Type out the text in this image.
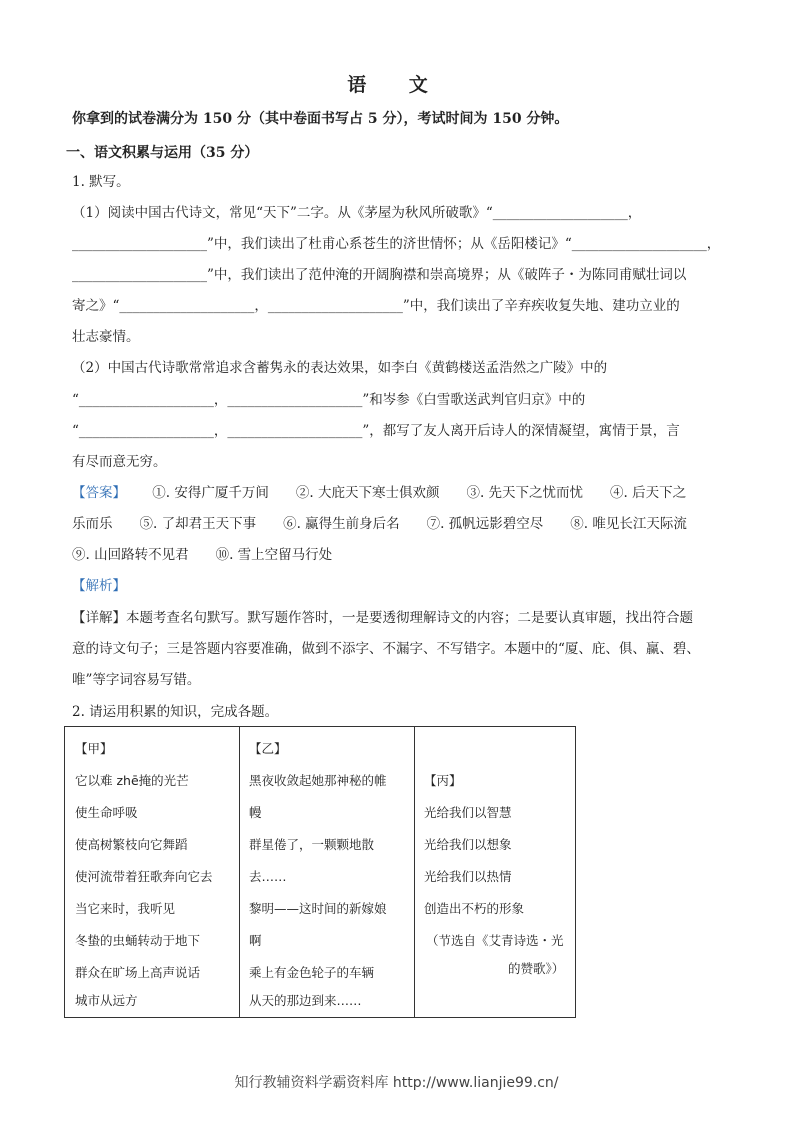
语 文
你拿到的试卷满分为 150 分（其中卷面书写占 5 分），考试时间为 150 分钟。
一、语文积累与运用（35 分）
1. 默写。
（1）阅读中国古代诗文，常见“天下”二字。从《茅屋为秋风所破歌》“____________________，
____________________”中，我们读出了杜甫心系苍生的济世情怀；从《岳阳楼记》“____________________，
____________________”中，我们读出了范仲淹的开阔胸襟和崇高境界；从《破阵子・为陈同甫赋壮词以
寄之》“____________________，____________________”中，我们读出了辛弃疾收复失地、建功立业的
壮志豪情。
（2）中国古代诗歌常常追求含蓄隽永的表达效果，如李白《黄鹤楼送孟浩然之广陵》中的
“____________________，____________________”和岑参《白雪歌送武判官归京》中的
“____________________，____________________”，都写了友人离开后诗人的深情凝望，寓情于景，言
有尽而意无穷。
【答案】 ①. 安得广厦千万间　　②. 大庇天下寒士俱欢颜　　③. 先天下之忧而忧　　④. 后天下之
乐而乐　　⑤. 了却君王天下事　　⑥. 赢得生前身后名　　⑦. 孤帆远影碧空尽　　⑧. 唯见长江天际流
⑨. 山回路转不见君　　⑩. 雪上空留马行处
【解析】
【详解】本题考查名句默写。默写题作答时，一是要透彻理解诗文的内容；二是要认真审题，找出符合题
意的诗文句子；三是答题内容要准确，做到不添字、不漏字、不写错字。本题中的“厦、庇、俱、赢、碧、
唯”等字词容易写错。
2. 请运用积累的知识，完成各题。
【甲】
它以难 zhē掩的光芒
使生命呼吸
使高树繁枝向它舞蹈
使河流带着狂歌奔向它去
当它来时，我听见
冬蛰的虫蛹转动于地下
群众在旷场上高声说话
城市从远方
【乙】
黑夜收敛起她那神秘的帷
幔
群星倦了，一颗颗地散
去……
黎明——这时间的新嫁娘
啊
乘上有金色轮子的车辆
从天的那边到来……
【丙】
光给我们以智慧
光给我们以想象
光给我们以热情
创造出不朽的形象
（节选自《艾青诗选・光
的赞歌》）
知行教辅资料学霸资料库 http://www.lianjie99.cn/
